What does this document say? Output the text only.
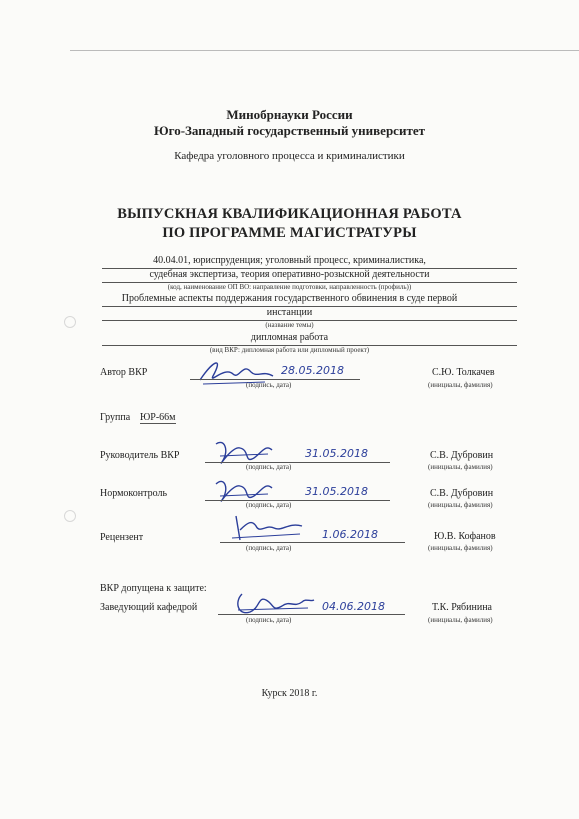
Минобрнауки России
Юго-Западный государственный университет
Кафедра уголовного процесса и криминалистики
ВЫПУСКНАЯ КВАЛИФИКАЦИОННАЯ РАБОТА
ПО ПРОГРАММЕ МАГИСТРАТУРЫ
40.04.01, юриспруденция; уголовный процесс, криминалистика,
судебная экспертиза, теория оперативно-розыскной деятельности
(код, наименование ОП ВО: направление подготовки, направленность (профиль))
Проблемные аспекты поддержания государственного обвинения в суде первой
инстанции
(название темы)
дипломная работа
(вид ВКР: дипломная работа или дипломный проект)
Автор ВКР	28.05.2018
(подпись, дата)
С.Ю. Толкачев
(инициалы, фамилия)
Группа ЮР-66м
Руководитель ВКР	31.05.2018
(подпись, дата)
С.В. Дубровин
(инициалы, фамилия)
Нормоконтроль	31.05.2018
(подпись, дата)
С.В. Дубровин
(инициалы, фамилия)
Рецензент	1.06.2018
(подпись, дата)
Ю.В. Кофанов
(инициалы, фамилия)
ВКР допущена к защите:
Заведующий кафедрой	04.06.2018
(подпись, дата)
Т.К. Рябинина
(инициалы, фамилия)
Курск 2018 г.
